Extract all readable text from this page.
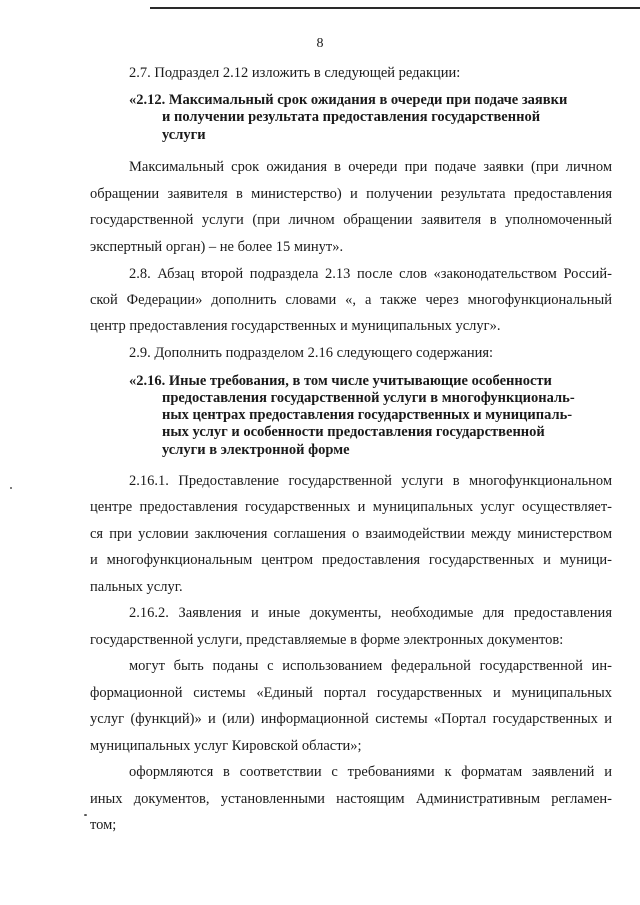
8
2.7. Подраздел 2.12 изложить в следующей редакции:
«2.12. Максимальный срок ожидания в очереди при подаче заявки
и получении результата предоставления государственной
услуги
Максимальный срок ожидания в очереди при подаче заявки (при личном
обращении заявителя в министерство) и получении результата предоставления
государственной услуги (при личном обращении заявителя в уполномоченный
экспертный орган) – не более 15 минут».
2.8. Абзац второй подраздела 2.13 после слов «законодательством Россий-
ской Федерации» дополнить словами «, а также через многофункциональный
центр предоставления государственных и муниципальных услуг».
2.9. Дополнить подразделом 2.16 следующего содержания:
«2.16. Иные требования, в том числе учитывающие особенности
предоставления государственной услуги в многофункциональ-
ных центрах предоставления государственных и муниципаль-
ных услуг и особенности предоставления государственной
услуги в электронной форме
2.16.1. Предоставление государственной услуги в многофункциональном
центре предоставления государственных и муниципальных услуг осуществляет-
ся при условии заключения соглашения о взаимодействии между министерством
и многофункциональным центром предоставления государственных и муници-
пальных услуг.
2.16.2. Заявления и иные документы, необходимые для предоставления
государственной услуги, представляемые в форме электронных документов:
могут быть поданы с использованием федеральной государственной ин-
формационной системы «Единый портал государственных и муниципальных
услуг (функций)» и (или) информационной системы «Портал государственных и
муниципальных услуг Кировской области»;
оформляются в соответствии с требованиями к форматам заявлений и
иных документов, установленными настоящим Административным регламен-
том;
